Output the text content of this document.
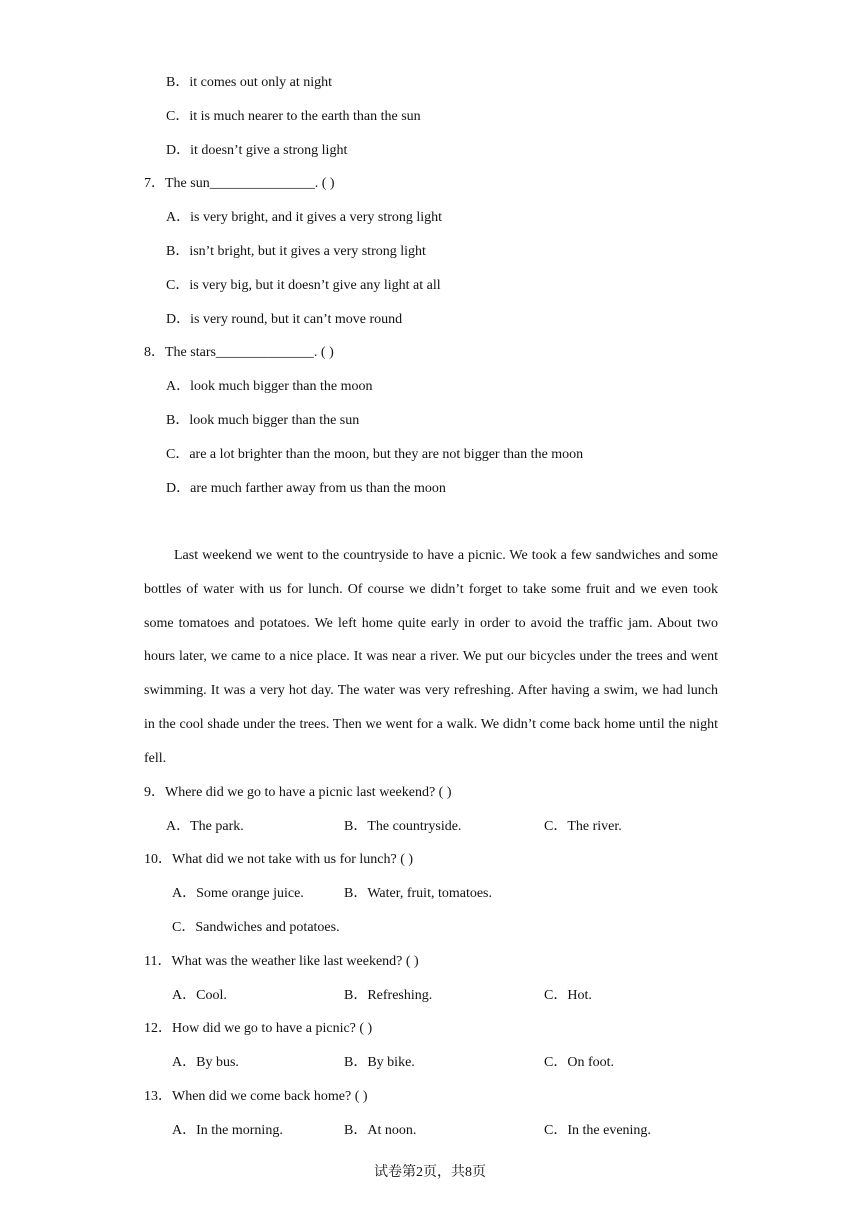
B．it comes out only at night
C．it is much nearer to the earth than the sun
D．it doesn’t give a strong light
7．The sun_______________. ( )
A．is very bright, and it gives a very strong light
B．isn’t bright, but it gives a very strong light
C．is very big, but it doesn’t give any light at all
D．is very round, but it can’t move round
8．The stars______________. ( )
A．look much bigger than the moon
B．look much bigger than the sun
C．are a lot brighter than the moon, but they are not bigger than the moon
D．are much farther away from us than the moon
Last weekend we went to the countryside to have a picnic. We took a few sandwiches and some bottles of water with us for lunch. Of course we didn’t forget to take some fruit and we even took some tomatoes and potatoes. We left home quite early in order to avoid the traffic jam. About two hours later, we came to a nice place. It was near a river. We put our bicycles under the trees and went swimming. It was a very hot day. The water was very refreshing. After having a swim, we had lunch in the cool shade under the trees. Then we went for a walk. We didn’t come back home until the night fell.
9．Where did we go to have a picnic last weekend? ( )
A．The park.	B．The countryside.	C．The river.
10．What did we not take with us for lunch? ( )
A．Some orange juice.	B．Water, fruit, tomatoes.
C．Sandwiches and potatoes.
11．What was the weather like last weekend? ( )
A．Cool.	B．Refreshing.	C．Hot.
12．How did we go to have a picnic? ( )
A．By bus.	B．By bike.	C．On foot.
13．When did we come back home? ( )
A．In the morning.	B．At noon.	C．In the evening.
试卷第2页，共8页
